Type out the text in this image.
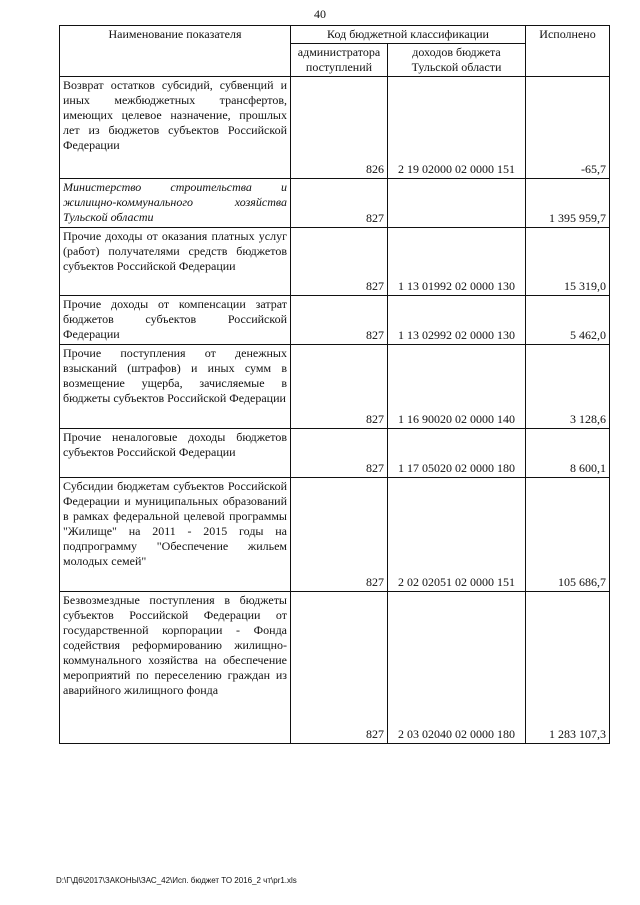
40
Наименование показателя	Код бюджетной классификации		Исполнено
	администратора поступлений	доходов бюджета Тульской области	
Возврат остатков субсидий, субвенций и иных межбюджетных трансфертов, имеющих целевое назначение, прошлых лет из бюджетов субъектов Российской Федерации	826	2 19 02000 02 0000 151	-65,7
Министерство строительства и жилищно-коммунального хозяйства Тульской области	827		1 395 959,7
Прочие доходы от оказания платных услуг (работ) получателями средств бюджетов субъектов Российской Федерации	827	1 13 01992 02 0000 130	15 319,0
Прочие доходы от компенсации затрат бюджетов субъектов Российской Федерации	827	1 13 02992 02 0000 130	5 462,0
Прочие поступления от денежных взысканий (штрафов) и иных сумм в возмещение ущерба, зачисляемые в бюджеты субъектов Российской Федерации	827	1 16 90020 02 0000 140	3 128,6
Прочие неналоговые доходы бюджетов субъектов Российской Федерации	827	1 17 05020 02 0000 180	8 600,1
Субсидии бюджетам субъектов Российской Федерации и муниципальных образований в рамках федеральной целевой программы "Жилище" на 2011 - 2015 годы на подпрограмму "Обеспечение жильем молодых семей"	827	2 02 02051 02 0000 151	105 686,7
Безвозмездные поступления в бюджеты субъектов Российской Федерации от государственной корпорации - Фонда содействия реформированию жилищно-коммунального хозяйства на обеспечение мероприятий по переселению граждан из аварийного жилищного фонда	827	2 03 02040 02 0000 180	1 283 107,3
D:\Г\Д6\2017\ЗАКОНЫ\ЗАС_42\Исп. бюджет ТО 2016_2 чт\pr1.xls
